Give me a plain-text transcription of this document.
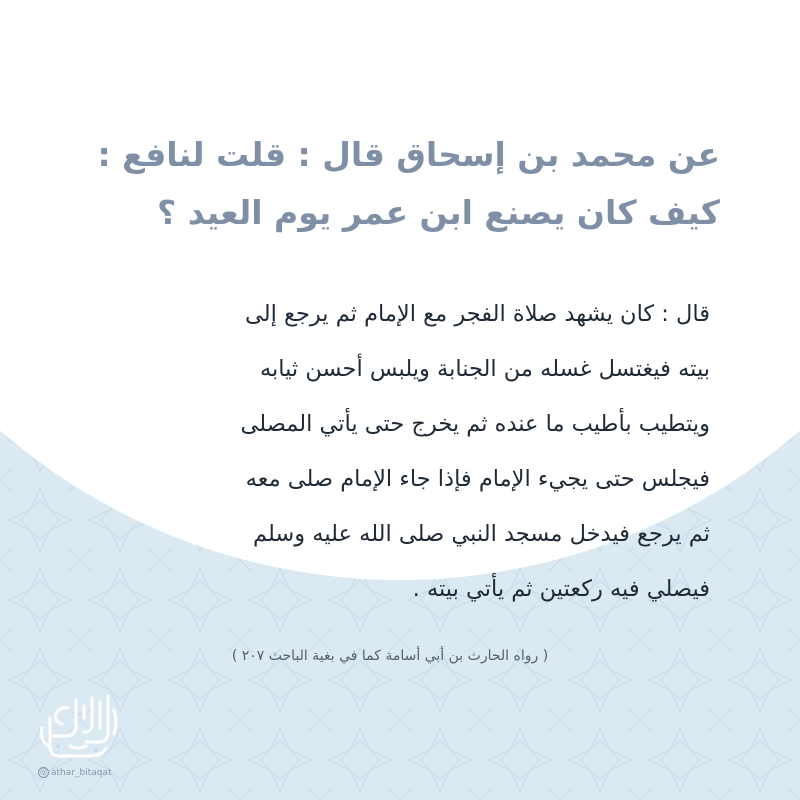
عن محمد بن إسحاق قال : قلت لنافع :
كيف كان يصنع ابن عمر يوم العيد ؟
قال : كان يشهد صلاة الفجر مع الإمام ثم يرجع إلى
بيته فيغتسل غسله من الجنابة ويلبس أحسن ثيابه
ويتطيب بأطيب ما عنده ثم يخرج حتى يأتي المصلى
فيجلس حتى يجيء الإمام فإذا جاء الإمام صلى معه
ثم يرجع فيدخل مسجد النبي صلى الله عليه وسلم
فيصلي فيه ركعتين ثم يأتي بيته .
( رواه الحارث بن أبي أسامة كما في بغية الباحث ٢٠٧ )
البطاقات الأثرية
@ athar_bitaqat
